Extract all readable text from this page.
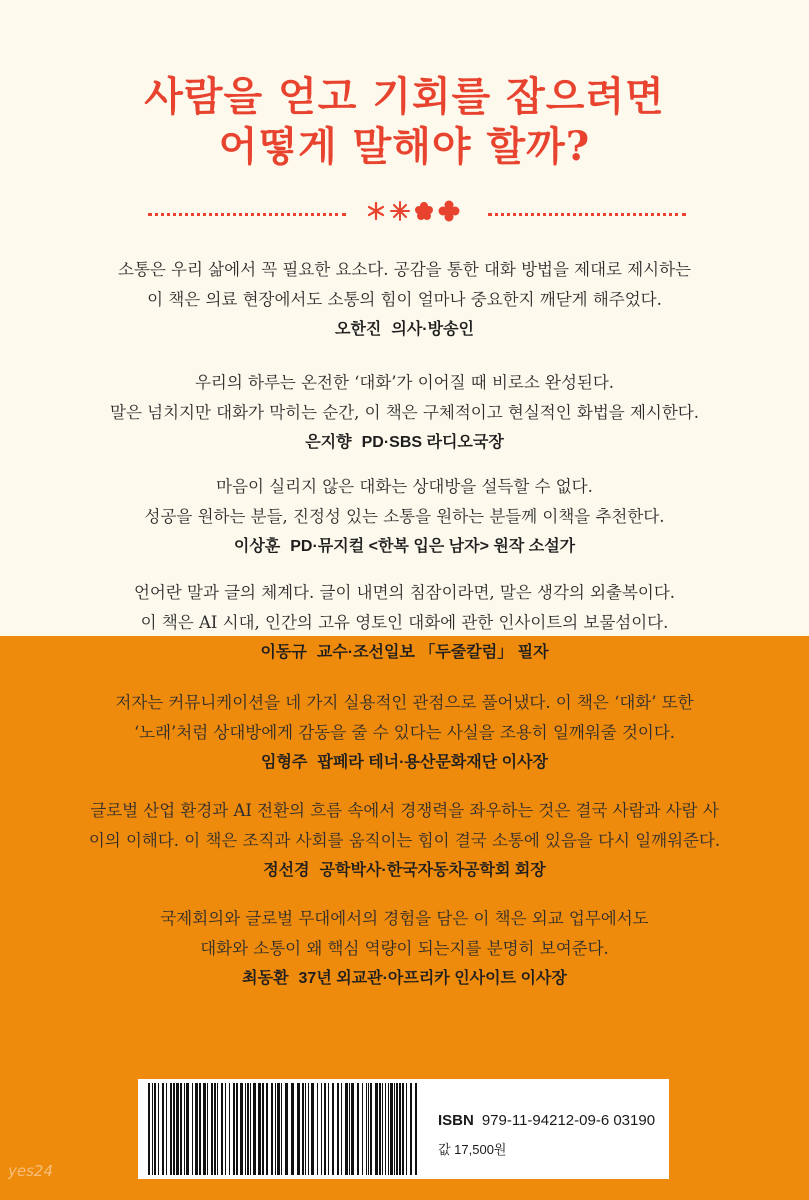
사람을 얻고 기회를 잡으려면
어떻게 말해야 할까?
소통은 우리 삶에서 꼭 필요한 요소다. 공감을 통한 대화 방법을 제대로 제시하는
이 책은 의료 현장에서도 소통의 힘이 얼마나 중요한지 깨닫게 해주었다.
오한진 의사·방송인
우리의 하루는 온전한 ‘대화’가 이어질 때 비로소 완성된다.
말은 넘치지만 대화가 막히는 순간, 이 책은 구체적이고 현실적인 화법을 제시한다.
은지향 PD·SBS 라디오국장
마음이 실리지 않은 대화는 상대방을 설득할 수 없다.
성공을 원하는 분들, 진정성 있는 소통을 원하는 분들께 이책을 추천한다.
이상훈 PD·뮤지컬 <한복 입은 남자> 원작 소설가
언어란 말과 글의 체계다. 글이 내면의 침잠이라면, 말은 생각의 외출복이다.
이 책은 AI 시대, 인간의 고유 영토인 대화에 관한 인사이트의 보물섬이다.
이동규 교수·조선일보 「두줄칼럼」 필자
저자는 커뮤니케이션을 네 가지 실용적인 관점으로 풀어냈다. 이 책은 ‘대화’ 또한
‘노래’처럼 상대방에게 감동을 줄 수 있다는 사실을 조용히 일깨워줄 것이다.
임형주 팝페라 테너·용산문화재단 이사장
글로벌 산업 환경과 AI 전환의 흐름 속에서 경쟁력을 좌우하는 것은 결국 사람과 사람 사
이의 이해다. 이 책은 조직과 사회를 움직이는 힘이 결국 소통에 있음을 다시 일깨워준다.
정선경 공학박사·한국자동차공학회 회장
국제회의와 글로벌 무대에서의 경험을 담은 이 책은 외교 업무에서도
대화와 소통이 왜 핵심 역량이 되는지를 분명히 보여준다.
최동환 37년 외교관·아프리카 인사이트 이사장
ISBN 979-11-94212-09-6 03190
값 17,500원
yes24
